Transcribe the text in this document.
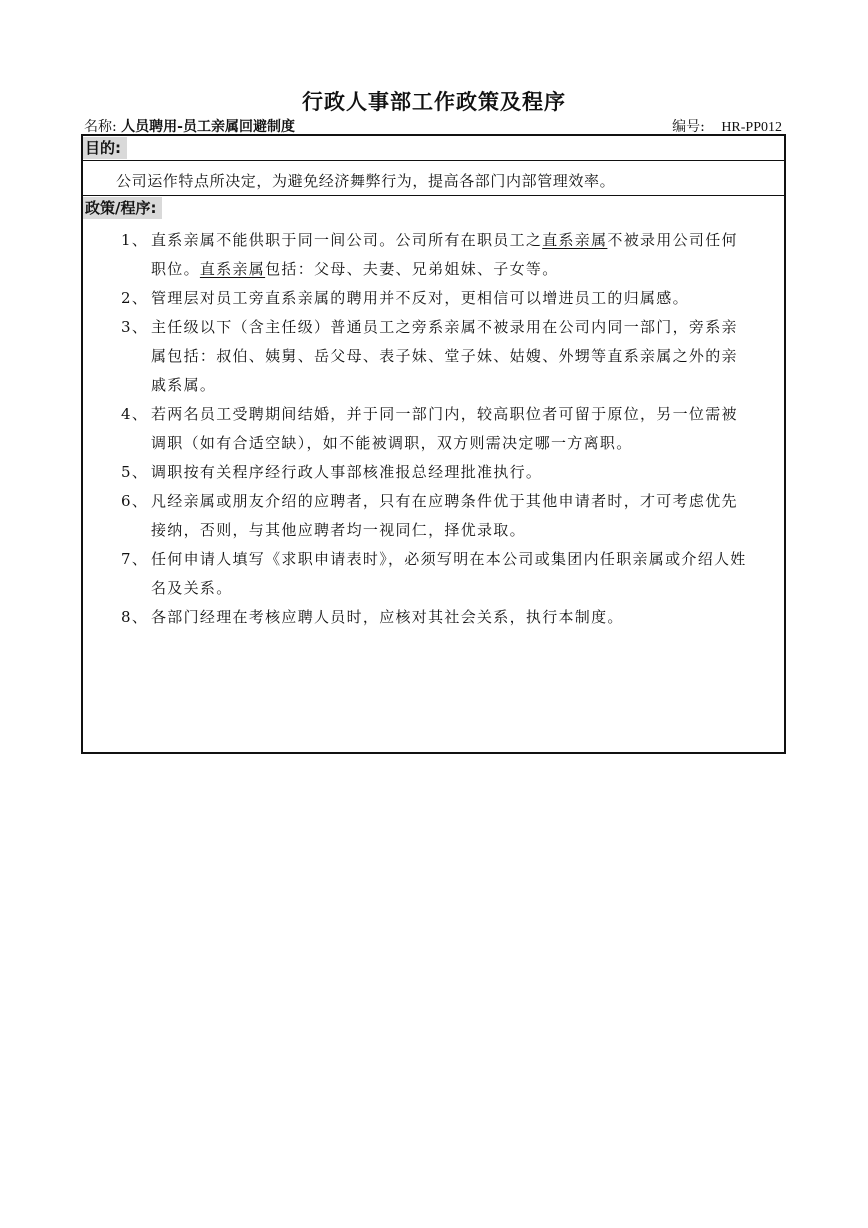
行政人事部工作政策及程序
名称: 人员聘用-员工亲属回避制度	编号: HR-PP012
目的:
公司运作特点所决定，为避免经济舞弊行为，提高各部门内部管理效率。
政策/程序:
1、 直系亲属不能供职于同一间公司。公司所有在职员工之直系亲属不被录用公司任何
职位。直系亲属包括：父母、夫妻、兄弟姐妹、子女等。
2、 管理层对员工旁直系亲属的聘用并不反对，更相信可以增进员工的归属感。
3、 主任级以下（含主任级）普通员工之旁系亲属不被录用在公司内同一部门，旁系亲
属包括：叔伯、姨舅、岳父母、表子妹、堂子妹、姑嫂、外甥等直系亲属之外的亲
戚系属。
4、 若两名员工受聘期间结婚，并于同一部门内，较高职位者可留于原位，另一位需被
调职（如有合适空缺），如不能被调职，双方则需决定哪一方离职。
5、 调职按有关程序经行政人事部核准报总经理批准执行。
6、 凡经亲属或朋友介绍的应聘者，只有在应聘条件优于其他申请者时，才可考虑优先
接纳，否则，与其他应聘者均一视同仁，择优录取。
7、 任何申请人填写《求职申请表时》，必须写明在本公司或集团内任职亲属或介绍人姓
名及关系。
8、 各部门经理在考核应聘人员时，应核对其社会关系，执行本制度。
